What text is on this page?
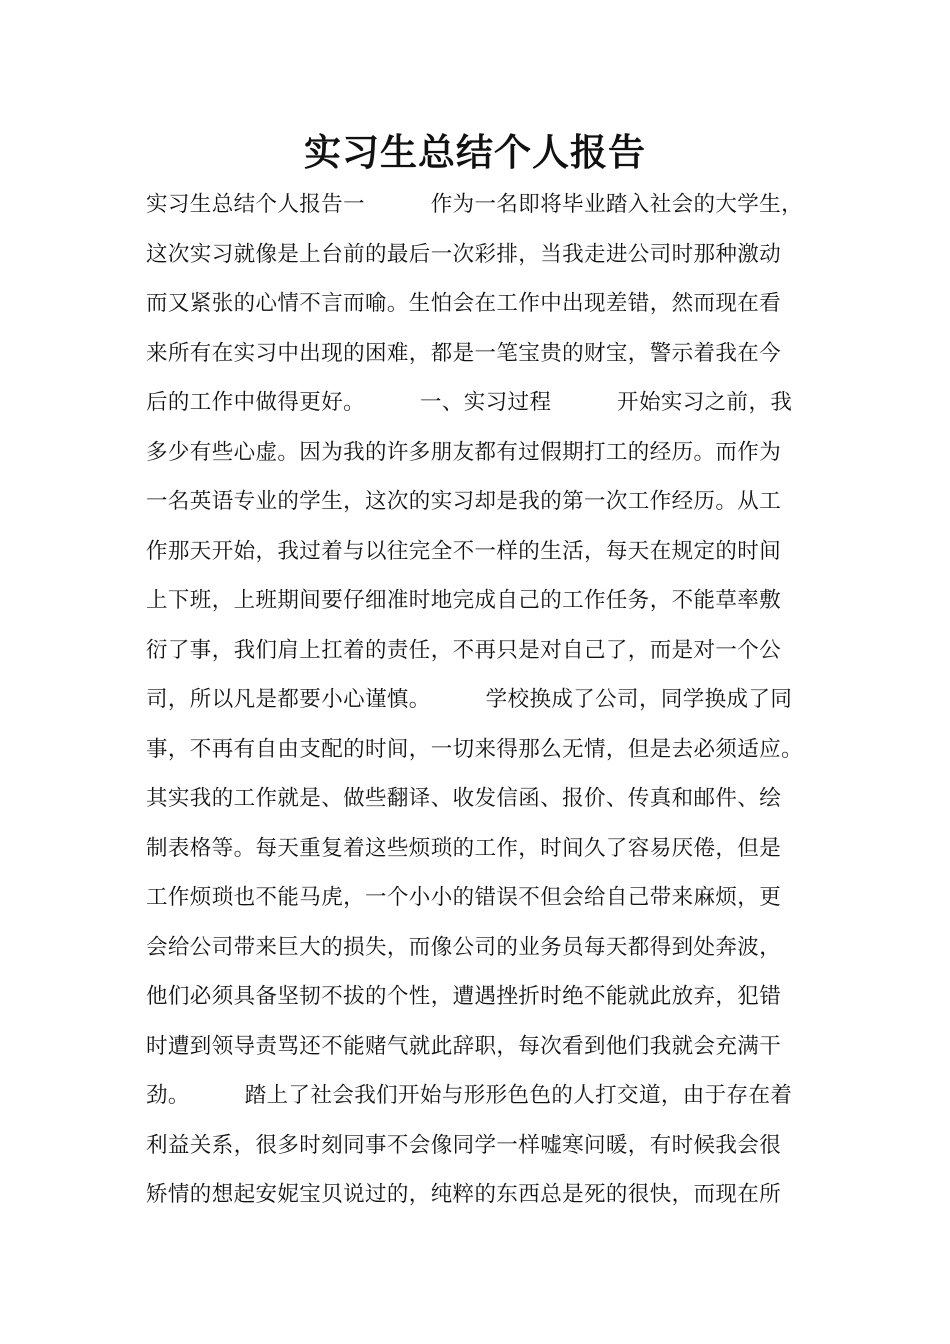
实习生总结个人报告
实习生总结个人报告一　　　作为一名即将毕业踏入社会的大学生，
这次实习就像是上台前的最后一次彩排，当我走进公司时那种激动
而又紧张的心情不言而喻。生怕会在工作中出现差错，然而现在看
来所有在实习中出现的困难，都是一笔宝贵的财宝，警示着我在今
后的工作中做得更好。　　　一、实习过程　　　开始实习之前，我
多少有些心虚。因为我的许多朋友都有过假期打工的经历。而作为
一名英语专业的学生，这次的实习却是我的第一次工作经历。从工
作那天开始，我过着与以往完全不一样的生活，每天在规定的时间
上下班，上班期间要仔细准时地完成自己的工作任务，不能草率敷
衍了事，我们肩上扛着的责任，不再只是对自己了，而是对一个公
司，所以凡是都要小心谨慎。　　　学校换成了公司，同学换成了同
事，不再有自由支配的时间，一切来得那么无情，但是去必须适应。
其实我的工作就是、做些翻译、收发信函、报价、传真和邮件、绘
制表格等。每天重复着这些烦琐的工作，时间久了容易厌倦，但是
工作烦琐也不能马虎，一个小小的错误不但会给自己带来麻烦，更
会给公司带来巨大的损失，而像公司的业务员每天都得到处奔波，
他们必须具备坚韧不拔的个性，遭遇挫折时绝不能就此放弃，犯错
时遭到领导责骂还不能赌气就此辞职，每次看到他们我就会充满干
劲。　　　踏上了社会我们开始与形形色色的人打交道，由于存在着
利益关系，很多时刻同事不会像同学一样嘘寒问暖，有时候我会很
矫情的想起安妮宝贝说过的，纯粹的东西总是死的很快，而现在所
